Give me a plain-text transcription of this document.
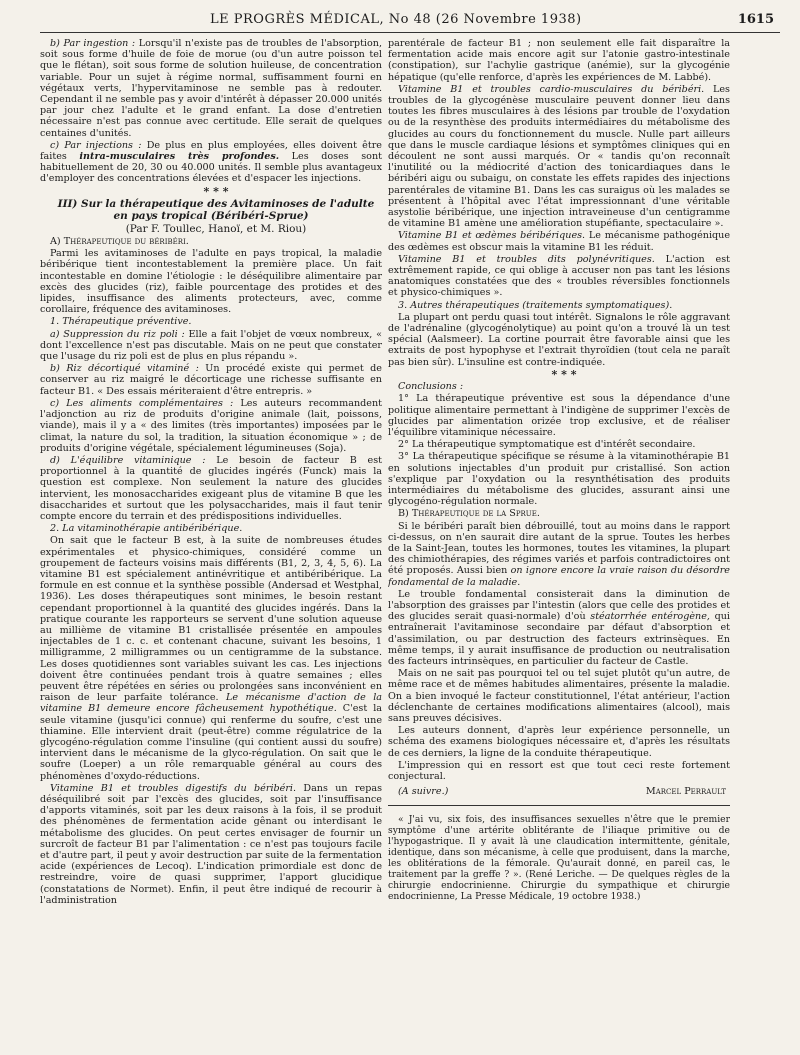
LE PROGRÈS MÉDICAL, No 48 (26 Novembre 1938)	1615

b) Par ingestion : Lorsqu'il n'existe pas de troubles de l'absorption, soit sous forme d'huile de foie de morue (ou d'un autre poisson tel que le flétan), soit sous forme de solution huileuse, de concentration variable. Pour un sujet à régime normal, suffisamment fourni en végétaux verts, l'hypervitaminose ne semble pas à redouter. Cependant il ne semble pas y avoir d'intérêt à dépasser 20.000 unités par jour chez l'adulte et le grand enfant. La dose d'entretien nécessaire n'est pas connue avec certitude. Elle serait de quelques centaines d'unités.

c) Par injections : De plus en plus employées, elles doivent être faites intra-musculaires très profondes. Les doses sont habituellement de 20, 30 ou 40.000 unités. Il semble plus avantageux d'employer des concentrations élevées et d'espacer les injections.

* * *

III) Sur la thérapeutique des Avitaminoses de l'adulte en pays tropical (Béribéri-Sprue)

(Par F. Toullec, Hanoï, et M. Riou)

A) Thérapeutique du béribéri.

Parmi les avitaminoses de l'adulte en pays tropical, la maladie béribérique tient incontestablement la première place. Un fait incontestable en domine l'étiologie : le déséquilibre alimentaire par excès des glucides (riz), faible pourcentage des protides et des lipides, insuffisance des aliments protecteurs, avec, comme corollaire, fréquence des avitaminoses.

1. Thérapeutique préventive.

a) Suppression du riz poli : Elle a fait l'objet de vœux nombreux, « dont l'excellence n'est pas discutable. Mais on ne peut que constater que l'usage du riz poli est de plus en plus répandu ».

b) Riz décortiqué vitaminé : Un procédé existe qui permet de conserver au riz maigré le décorticage une richesse suffisante en facteur B1. « Des essais mériteraient d'être entrepris. »

c) Les aliments complémentaires : Les auteurs recommandent l'adjonction au riz de produits d'origine animale (lait, poissons, viande), mais il y a « des limites (très importantes) imposées par le climat, la nature du sol, la tradition, la situation économique » ; de produits d'origine végétale, spécialement légumineuses (Soja).

d) L'équilibre vitaminique : Le besoin de facteur B est proportionnel à la quantité de glucides ingérés (Funck) mais la question est complexe. Non seulement la nature des glucides intervient, les monosaccharides exigeant plus de vitamine B que les disaccharides et surtout que les polysaccharides, mais il faut tenir compte encore du terrain et des prédispositions individuelles.

2. La vitaminothérapie antibéribérique.

On sait que le facteur B est, à la suite de nombreuses études expérimentales et physico-chimiques, considéré comme un groupement de facteurs voisins mais différents (B1, 2, 3, 4, 5, 6). La vitamine B1 est spécialement antinévritique et antibéribérique. La formule en est connue et la synthèse possible (Andersad et Westphal, 1936). Les doses thérapeutiques sont minimes, le besoin restant cependant proportionnel à la quantité des glucides ingérés. Dans la pratique courante les rapporteurs se servent d'une solution aqueuse au millième de vitamine B1 cristallisée présentée en ampoules injectables de 1 c. c. et contenant chacune, suivant les besoins, 1 milligramme, 2 milligrammes ou un centigramme de la substance. Les doses quotidiennes sont variables suivant les cas. Les injections doivent être continuées pendant trois à quatre semaines ; elles peuvent être répétées en séries ou prolongées sans inconvénient en raison de leur parfaite tolérance. Le mécanisme d'action de la vitamine B1 demeure encore fâcheusement hypothétique. C'est la seule vitamine (jusqu'ici connue) qui renferme du soufre, c'est une thiamine. Elle intervient drait (peut-être) comme régulatrice de la glycogéno-régulation comme l'insuline (qui contient aussi du soufre) intervient dans le mécanisme de la glyco-régulation. On sait que le soufre (Loeper) a un rôle remarquable général au cours des phénomènes d'oxydo-réductions.

Vitamine B1 et troubles digestifs du béribéri. Dans un repas déséquilibré soit par l'excès des glucides, soit par l'insuffisance d'apports vitaminés, soit par les deux raisons à la fois, il se produit des phénomènes de fermentation acide gênant ou interdisant le métabolisme des glucides. On peut certes envisager de fournir un surcroît de facteur B1 par l'alimentation : ce n'est pas toujours facile et d'autre part, il peut y avoir destruction par suite de la fermentation acide (expériences de Lecoq). L'indication primordiale est donc de restreindre, voire de quasi supprimer, l'apport glucidique (constatations de Normet). Enfin, il peut être indiqué de recourir à l'administration

parentérale de facteur B1 ; non seulement elle fait disparaître la fermentation acide mais encore agit sur l'atonie gastro-intestinale (constipation), sur l'achylie gastrique (anémie), sur la glycogénie hépatique (qu'elle renforce, d'après les expériences de M. Labbé).

Vitamine B1 et troubles cardio-musculaires du béribéri. Les troubles de la glycogénèse musculaire peuvent donner lieu dans toutes les fibres musculaires à des lésions par trouble de l'oxydation ou de la resynthèse des produits intermédiaires du métabolisme des glucides au cours du fonctionnement du muscle. Nulle part ailleurs que dans le muscle cardiaque lésions et symptômes cliniques qui en découlent ne sont aussi marqués. Or « tandis qu'on reconnaît l'inutilité ou la médiocrité d'action des tonicardiaques dans le béribéri aigu ou subaigu, on constate les effets rapides des injections parentérales de vitamine B1. Dans les cas suraigus où les malades se présentent à l'hôpital avec l'état impressionnant d'une véritable asystolie béribérique, une injection intraveineuse d'un centigramme de vitamine B1 amène une amélioration stupéfiante, spectaculaire ».

Vitamine B1 et œdèmes béribériques. Le mécanisme pathogénique des œdèmes est obscur mais la vitamine B1 les réduit.

Vitamine B1 et troubles dits polynévritiques. L'action est extrêmement rapide, ce qui oblige à accuser non pas tant les lésions anatomiques constatées que des « troubles réversibles fonctionnels et physico-chimiques ».

3. Autres thérapeutiques (traitements symptomatiques).

La plupart ont perdu quasi tout intérêt. Signalons le rôle aggravant de l'adrénaline (glycogénolytique) au point qu'on a trouvé là un test spécial (Aalsmeer). La cortine pourrait être favorable ainsi que les extraits de post hypophyse et l'extrait thyroïdien (tout cela ne paraît pas bien sûr). L'insuline est contre-indiquée.

* * *

Conclusions :

1° La thérapeutique préventive est sous la dépendance d'une politique alimentaire permettant à l'indigène de supprimer l'excès de glucides par alimentation orizée trop exclusive, et de réaliser l'équilibre vitaminique nécessaire.

2° La thérapeutique symptomatique est d'intérêt secondaire.

3° La thérapeutique spécifique se résume à la vitaminothérapie B1 en solutions injectables d'un produit pur cristallisé. Son action s'explique par l'oxydation ou la resynthétisation des produits intermédiaires du métabolisme des glucides, assurant ainsi une glycogéno-régulation normale.

B) Thérapeutique de la Sprue.

Si le béribéri paraît bien débrouillé, tout au moins dans le rapport ci-dessus, on n'en saurait dire autant de la sprue. Toutes les herbes de la Saint-Jean, toutes les hormones, toutes les vitamines, la plupart des chimiothérapies, des régimes variés et parfois contradictoires ont été proposés. Aussi bien on ignore encore la vraie raison du désordre fondamental de la maladie.

Le trouble fondamental consisterait dans la diminution de l'absorption des graisses par l'intestin (alors que celle des protides et des glucides serait quasi-normale) d'où stéatorrhée entérogène, qui entraînerait l'avitaminose secondaire par défaut d'absorption et d'assimilation, ou par destruction des facteurs extrinsèques. En même temps, il y aurait insuffisance de production ou neutralisation des facteurs intrinsèques, en particulier du facteur de Castle.

Mais on ne sait pas pourquoi tel ou tel sujet plutôt qu'un autre, de même race et de mêmes habitudes alimentaires, présente la maladie. On a bien invoqué le facteur constitutionnel, l'état antérieur, l'action déclenchante de certaines modifications alimentaires (alcool), mais sans preuves décisives.

Les auteurs donnent, d'après leur expérience personnelle, un schéma des examens biologiques nécessaire et, d'après les résultats de ces derniers, la ligne de la conduite thérapeutique.

L'impression qui en ressort est que tout ceci reste fortement conjectural.

(A suivre.)	Marcel Perrault

« J'ai vu, six fois, des insuffisances sexuelles n'être que le premier symptôme d'une artérite oblitérante de l'iliaque primitive ou de l'hypogastrique. Il y avait là une claudication intermittente, génitale, identique, dans son mécanisme, à celle que produisent, dans la marche, les oblitérations de la fémorale. Qu'aurait donné, en pareil cas, le traitement par la greffe ? ». (René Leriche. — De quelques règles de la chirurgie endocrinienne. Chirurgie du sympathique et chirurgie endocrinienne, La Presse Médicale, 19 octobre 1938.)
